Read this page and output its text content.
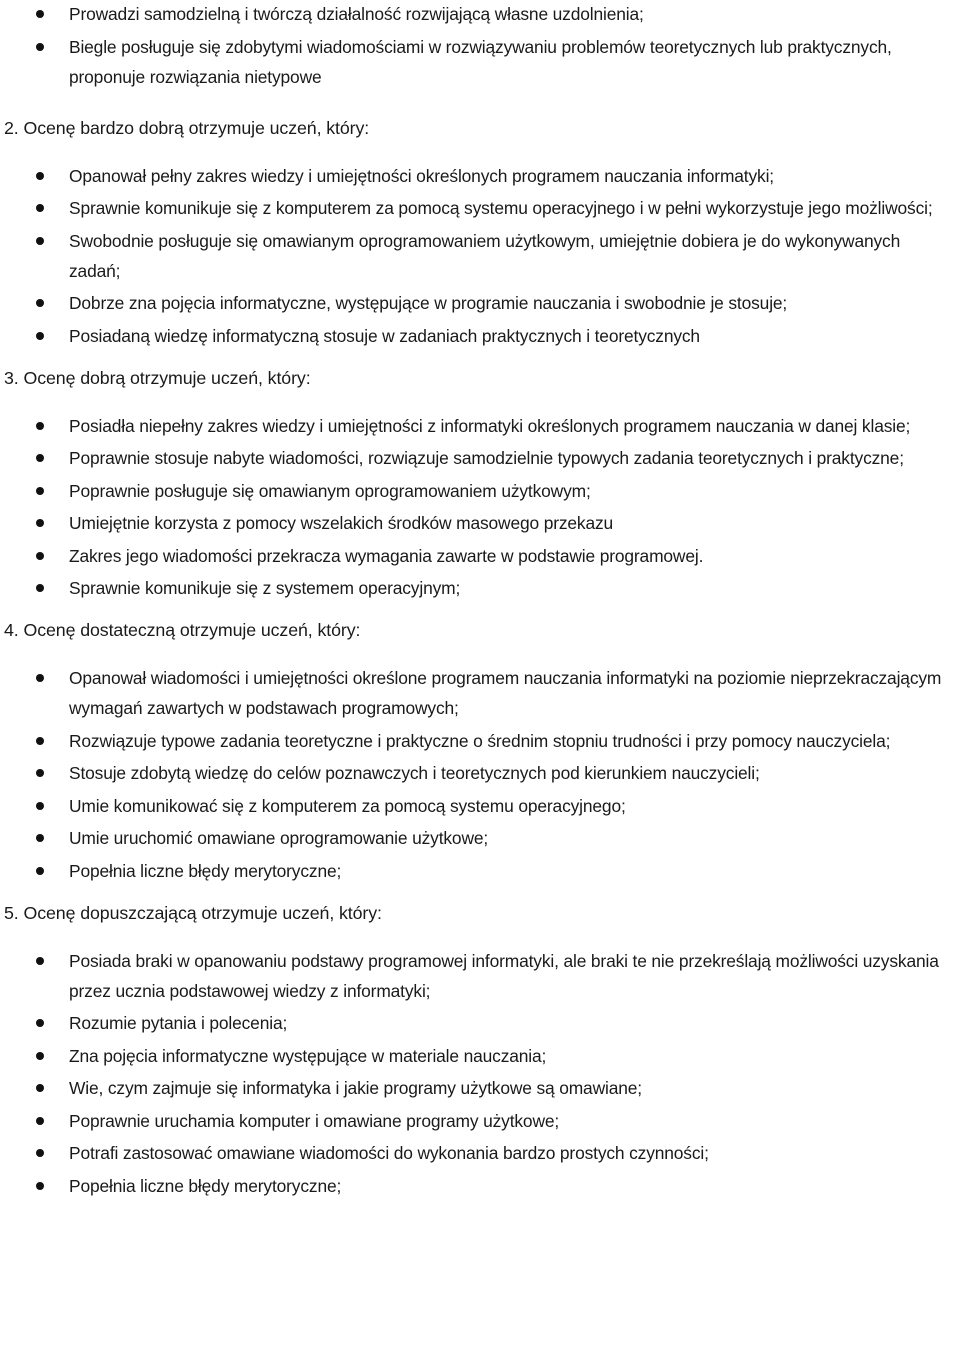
Prowadzi samodzielną i twórczą działalność rozwijającą własne uzdolnienia;
Biegle posługuje się zdobytymi wiadomościami w rozwiązywaniu problemów teoretycznych lub praktycznych, proponuje rozwiązania nietypowe

2. Ocenę bardzo dobrą otrzymuje uczeń, który:

Opanował pełny zakres wiedzy i umiejętności określonych programem nauczania informatyki;
Sprawnie komunikuje się z komputerem za pomocą systemu operacyjnego i w pełni wykorzystuje jego możliwości;
Swobodnie posługuje się omawianym oprogramowaniem użytkowym, umiejętnie dobiera je do wykonywanych zadań;
Dobrze zna pojęcia informatyczne, występujące w programie nauczania i swobodnie je stosuje;
Posiadaną wiedzę informatyczną stosuje w zadaniach praktycznych i teoretycznych

3. Ocenę dobrą otrzymuje uczeń, który:

Posiadła niepełny zakres wiedzy i umiejętności z informatyki określonych programem nauczania w danej klasie;
Poprawnie stosuje nabyte wiadomości, rozwiązuje samodzielnie typowych zadania teoretycznych i praktyczne;
Poprawnie posługuje się omawianym oprogramowaniem użytkowym;
Umiejętnie korzysta z pomocy wszelakich środków masowego przekazu
Zakres jego wiadomości przekracza wymagania zawarte w podstawie programowej.
Sprawnie komunikuje się z systemem operacyjnym;

4. Ocenę dostateczną otrzymuje uczeń, który:

Opanował wiadomości i umiejętności określone programem nauczania informatyki na poziomie nieprzekraczającym wymagań zawartych w podstawach programowych;
Rozwiązuje typowe zadania teoretyczne i praktyczne o średnim stopniu trudności i przy pomocy nauczyciela;
Stosuje zdobytą wiedzę do celów poznawczych i teoretycznych pod kierunkiem nauczycieli;
Umie komunikować się z komputerem za pomocą systemu operacyjnego;
Umie uruchomić omawiane oprogramowanie użytkowe;
Popełnia liczne błędy merytoryczne;

5. Ocenę dopuszczającą otrzymuje uczeń, który:

Posiada braki w opanowaniu podstawy programowej informatyki, ale braki te nie przekreślają możliwości uzyskania przez ucznia podstawowej wiedzy z informatyki;
Rozumie pytania i polecenia;
Zna pojęcia informatyczne występujące w materiale nauczania;
Wie, czym zajmuje się informatyka i jakie programy użytkowe są omawiane;
Poprawnie uruchamia komputer i omawiane programy użytkowe;
Potrafi zastosować omawiane wiadomości do wykonania bardzo prostych czynności;
Popełnia liczne błędy merytoryczne;
